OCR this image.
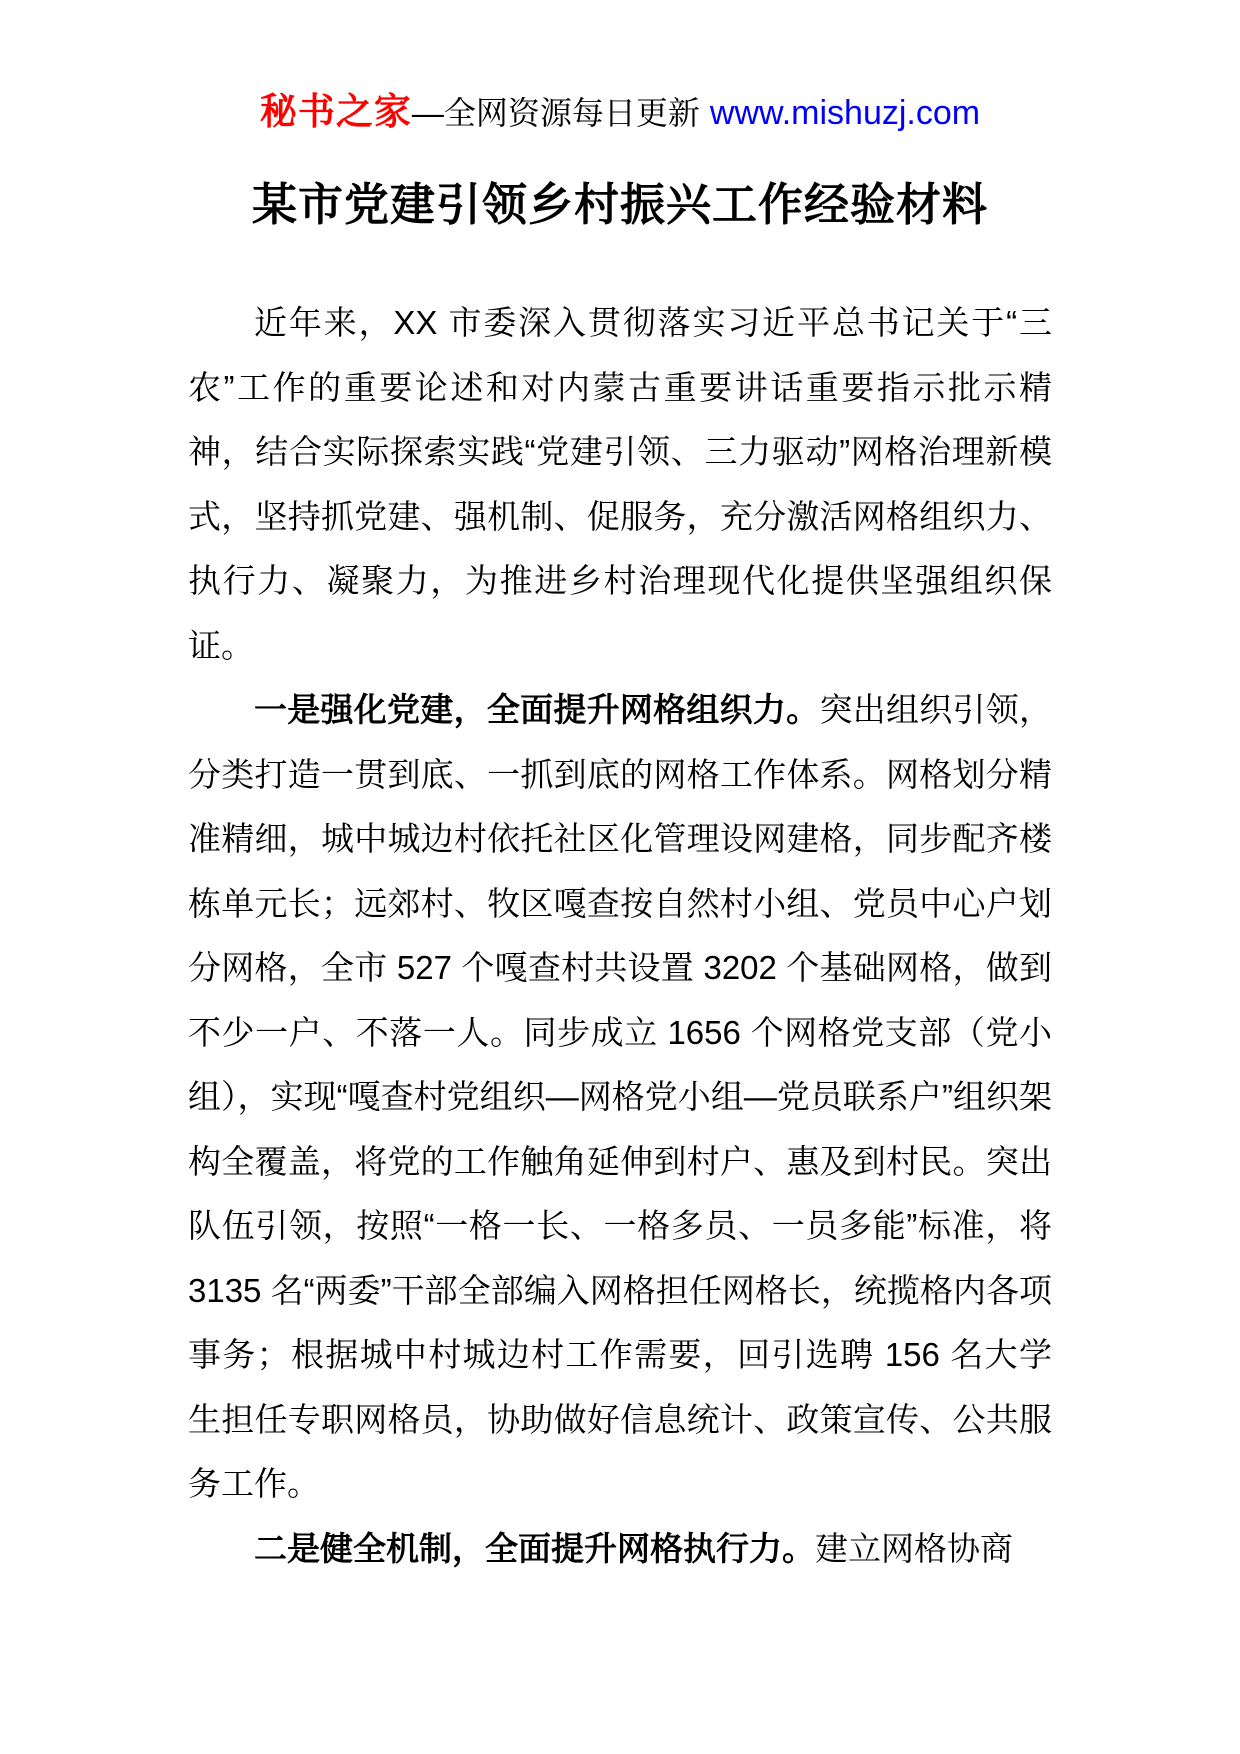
秘书之家—全网资源每日更新 www.mishuzj.com
某市党建引领乡村振兴工作经验材料

近年来，XX 市委深入贯彻落实习近平总书记关于“三农”工作的重要论述和对内蒙古重要讲话重要指示批示精神，结合实际探索实践“党建引领、三力驱动”网格治理新模式，坚持抓党建、强机制、促服务，充分激活网格组织力、执行力、凝聚力，为推进乡村治理现代化提供坚强组织保证。

一是强化党建，全面提升网格组织力。突出组织引领，分类打造一贯到底、一抓到底的网格工作体系。网格划分精准精细，城中城边村依托社区化管理设网建格，同步配齐楼栋单元长；远郊村、牧区嘎查按自然村小组、党员中心户划分网格，全市 527 个嘎查村共设置 3202 个基础网格，做到不少一户、不落一人。同步成立 1656 个网格党支部（党小组），实现“嘎查村党组织—网格党小组—党员联系户”组织架构全覆盖，将党的工作触角延伸到村户、惠及到村民。突出队伍引领，按照“一格一长、一格多员、一员多能”标准，将 3135 名“两委”干部全部编入网格担任网格长，统揽格内各项事务；根据城中村城边村工作需要，回引选聘 156 名大学生担任专职网格员，协助做好信息统计、政策宣传、公共服务工作。

二是健全机制，全面提升网格执行力。建立网格协商
